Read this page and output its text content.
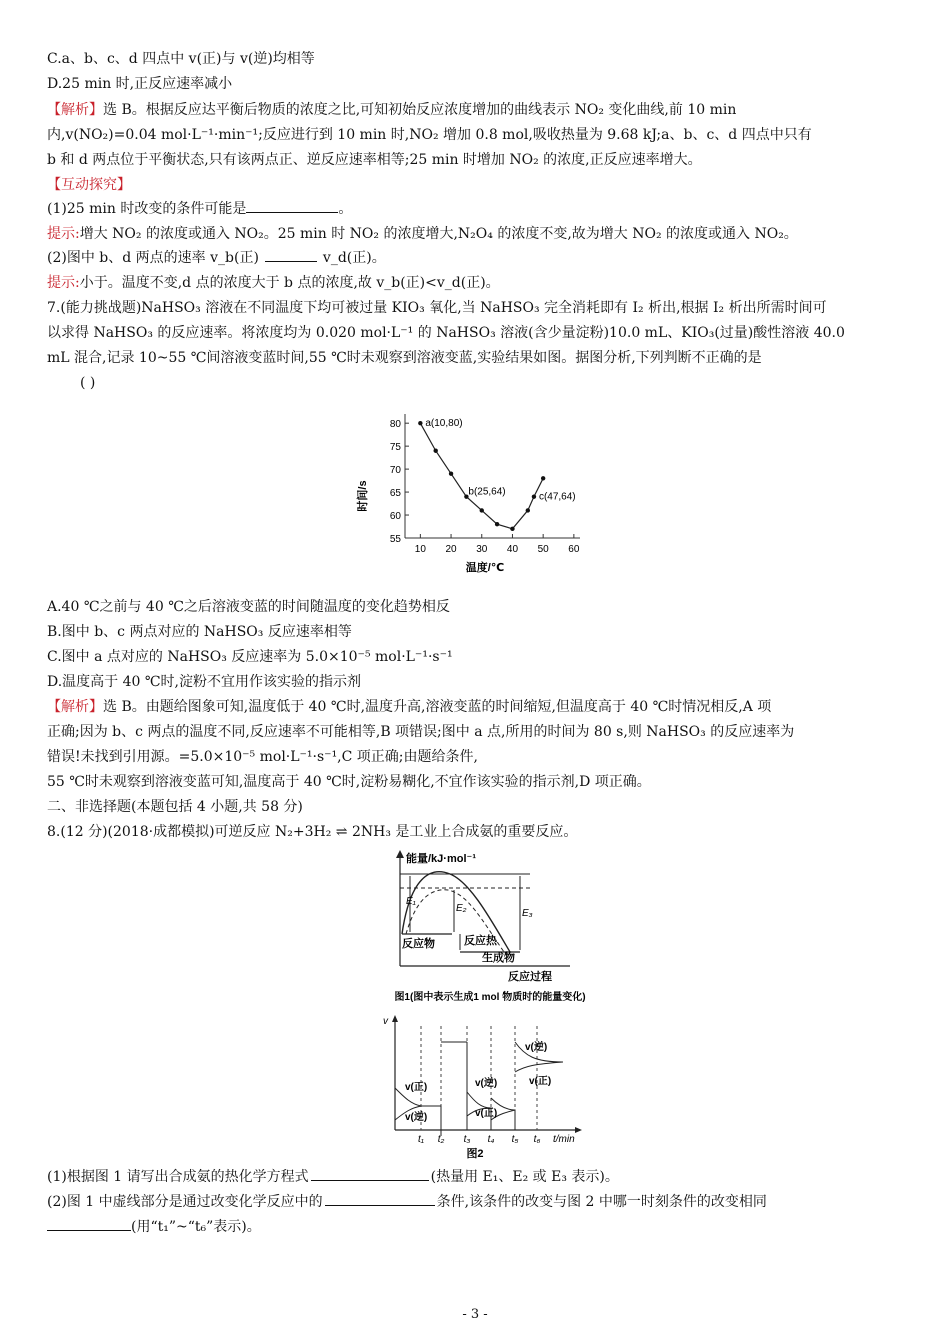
C.a、b、c、d 四点中 v(正)与 v(逆)均相等
D.25 min 时,正反应速率减小
【解析】选 B。根据反应达平衡后物质的浓度之比,可知初始反应浓度增加的曲线表示 NO₂ 变化曲线,前 10 min
内,v(NO₂)=0.04 mol·L⁻¹·min⁻¹;反应进行到 10 min 时,NO₂ 增加 0.8 mol,吸收热量为 9.68 kJ;a、b、c、d 四点中只有
b 和 d 两点位于平衡状态,只有该两点正、逆反应速率相等;25 min 时增加 NO₂ 的浓度,正反应速率增大。
【互动探究】
(1)25 min 时改变的条件可能是	。
提示:增大 NO₂ 的浓度或通入 NO₂。25 min 时 NO₂ 的浓度增大,N₂O₄ 的浓度不变,故为增大 NO₂ 的浓度或通入 NO₂。
(2)图中 b、d 两点的速率 v_b(正)	v_d(正)。
提示:小于。温度不变,d 点的浓度大于 b 点的浓度,故 v_b(正)<v_d(正)。
7.(能力挑战题)NaHSO₃ 溶液在不同温度下均可被过量 KIO₃ 氧化,当 NaHSO₃ 完全消耗即有 I₂ 析出,根据 I₂ 析出所需时间可
以求得 NaHSO₃ 的反应速率。将浓度均为 0.020 mol·L⁻¹ 的 NaHSO₃ 溶液(含少量淀粉)10.0 mL、KIO₃(过量)酸性溶液 40.0
mL 混合,记录 10~55 ℃间溶液变蓝时间,55 ℃时未观察到溶液变蓝,实验结果如图。据图分析,下列判断不正确的是
( )
55
60
65
70
75
80
10 20 30 40 50 60
时间/s
温度/℃
a(10,80)
b(25,64)	c(47,64)
A.40 ℃之前与 40 ℃之后溶液变蓝的时间随温度的变化趋势相反
B.图中 b、c 两点对应的 NaHSO₃ 反应速率相等
C.图中 a 点对应的 NaHSO₃ 反应速率为 5.0×10⁻⁵ mol·L⁻¹·s⁻¹
D.温度高于 40 ℃时,淀粉不宜用作该实验的指示剂
【解析】选 B。由题给图象可知,温度低于 40 ℃时,温度升高,溶液变蓝的时间缩短,但温度高于 40 ℃时情况相反,A 项
正确;因为 b、c 两点的温度不同,反应速率不可能相等,B 项错误;图中 a 点,所用的时间为 80 s,则 NaHSO₃ 的反应速率为
错误!未找到引用源。=5.0×10⁻⁵ mol·L⁻¹·s⁻¹,C 项正确;由题给条件,
55 ℃时未观察到溶液变蓝可知,温度高于 40 ℃时,淀粉易糊化,不宜作该实验的指示剂,D 项正确。
二、非选择题(本题包括 4 小题,共 58 分)
8.(12 分)(2018·成都模拟)可逆反应 N₂+3H₂ ⇌ 2NH₃ 是工业上合成氨的重要反应。
能量/kJ·mol⁻¹
E₁
E₂	E₃
反应物	反应热
生成物
反应过程
图1(图中表示生成1 mol 物质时的能量变化)
v
v(正)
v(逆)
v(逆)
v(正)
v(逆)
v(正)
t/min
t₁ t₂ t₃ t₄ t₅ t₆
图2
(1)根据图 1 请写出合成氨的热化学方程式	(热量用 E₁、E₂ 或 E₃ 表示)。
(2)图 1 中虚线部分是通过改变化学反应中的	条件,该条件的改变与图 2 中哪一时刻条件的改变相同
(用“t₁”~“t₆”表示)。
- 3 -
